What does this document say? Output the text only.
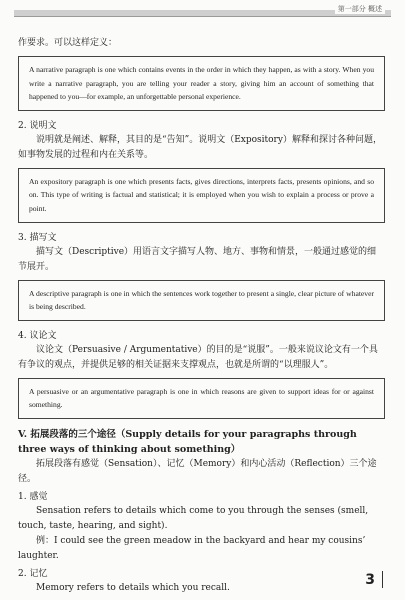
第一部分 概述

作要求。可以这样定义：

A narrative paragraph is one which contains events in the order in which they happen, as with a story. When you write a narrative paragraph, you are telling your reader a story, giving him an account of something that happened to you—for example, an unforgettable personal experience.

2. 说明文

说明就是阐述、解释，其目的是“告知”。说明文（Expository）解释和探讨各种问题，如事物发展的过程和内在关系等。

An expository paragraph is one which presents facts, gives directions, interprets facts, presents opinions, and so on. This type of writing is factual and statistical; it is employed when you wish to explain a process or prove a point.

3. 描写文

描写文（Descriptive）用语言文字描写人物、地方、事物和情景，一般通过感觉的细节展开。

A descriptive paragraph is one in which the sentences work together to present a single, clear picture of whatever is being described.

4. 议论文

议论文（Persuasive / Argumentative）的目的是“说服”。一般来说议论文有一个具有争议的观点，并提供足够的相关证据来支撑观点，也就是所谓的“以理服人”。

A persuasive or an argumentative paragraph is one in which reasons are given to support ideas for or against something.

V. 拓展段落的三个途径（Supply details for your paragraphs through three ways of thinking about something）

拓展段落有感觉（Sensation）、记忆（Memory）和内心活动（Reflection）三个途径。

1. 感觉

Sensation refers to details which come to you through the senses (smell, touch, taste, hearing, and sight).

例：I could see the green meadow in the backyard and hear my cousins’ laughter.

2. 记忆

Memory refers to details which you recall.	3
